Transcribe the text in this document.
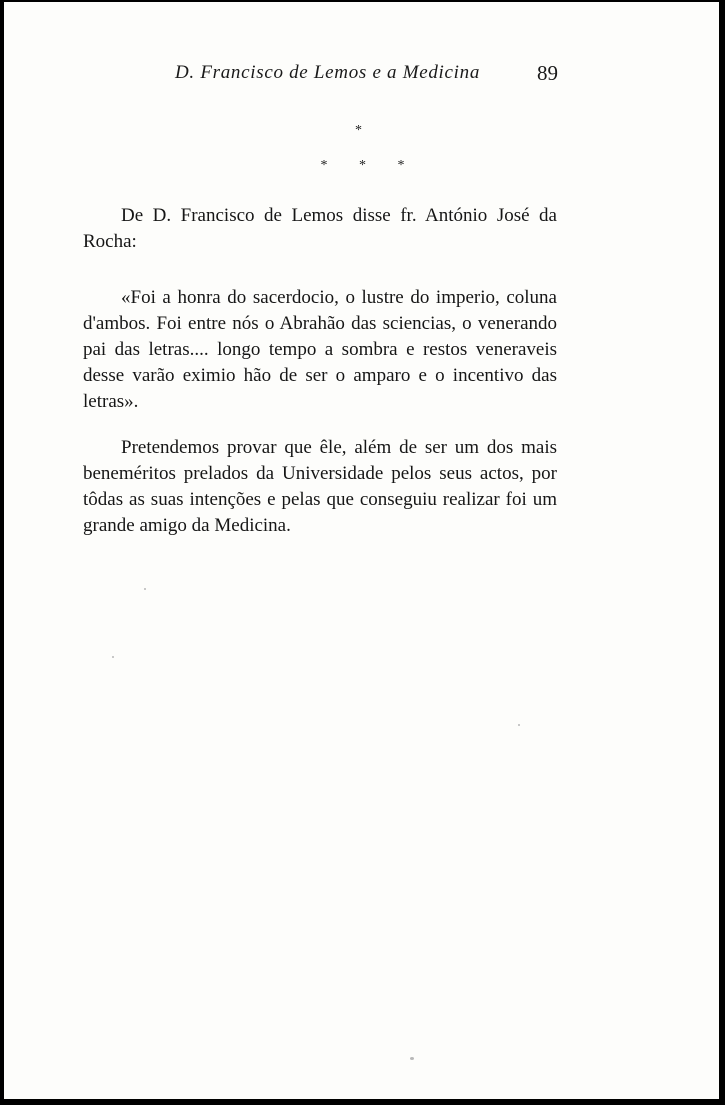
D. Francisco de Lemos e a Medicina	89
*
* * *

De D. Francisco de Lemos disse fr. António José da Rocha:

«Foi a honra do sacerdocio, o lustre do imperio, coluna d'ambos. Foi entre nós o Abrahão das sciencias, o venerando pai das letras.... longo tempo a sombra e restos veneraveis desse varão eximio hão de ser o amparo e o incentivo das letras».

Pretendemos provar que êle, além de ser um dos mais beneméritos prelados da Universidade pelos seus actos, por tôdas as suas intenções e pelas que conseguiu realizar foi um grande amigo da Medicina.
